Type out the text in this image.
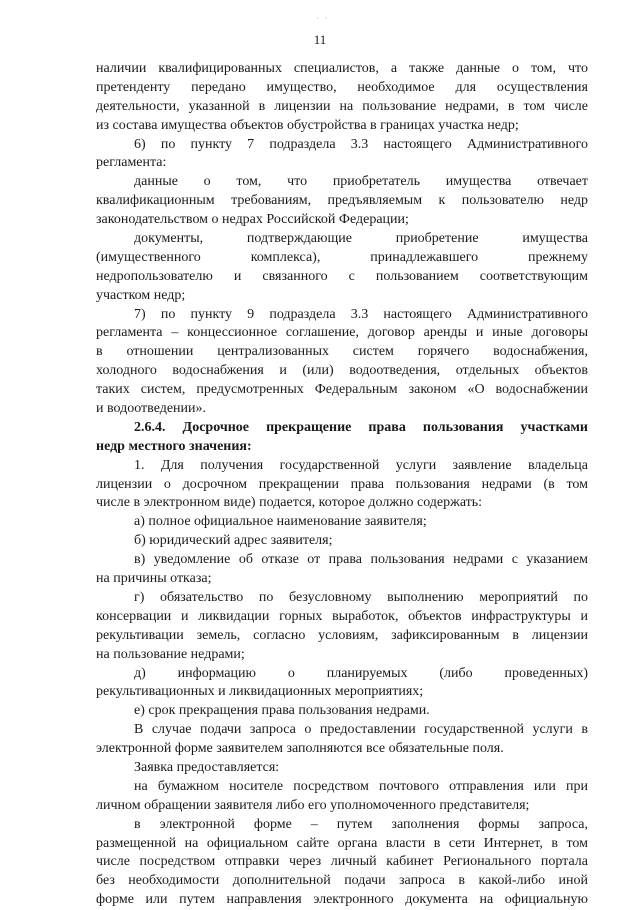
· ·
11
наличии квалифицированных специалистов, а также данные о том, что
претенденту передано имущество, необходимое для осуществления
деятельности, указанной в лицензии на пользование недрами, в том числе
из состава имущества объектов обустройства в границах участка недр;
6) по пункту 7 подраздела 3.3 настоящего Административного
регламента:
данные о том, что приобретатель имущества отвечает
квалификационным требованиям, предъявляемым к пользователю недр
законодательством о недрах Российской Федерации;
документы, подтверждающие приобретение имущества
(имущественного комплекса), принадлежавшего прежнему
недропользователю и связанного с пользованием соответствующим
участком недр;
7) по пункту 9 подраздела 3.3 настоящего Административного
регламента – концессионное соглашение, договор аренды и иные договоры
в отношении централизованных систем горячего водоснабжения,
холодного водоснабжения и (или) водоотведения, отдельных объектов
таких систем, предусмотренных Федеральным законом «О водоснабжении
и водоотведении».
2.6.4. Досрочное прекращение права пользования участками
недр местного значения:
1. Для получения государственной услуги заявление владельца
лицензии о досрочном прекращении права пользования недрами (в том
числе в электронном виде) подается, которое должно содержать:
а) полное официальное наименование заявителя;
б) юридический адрес заявителя;
в) уведомление об отказе от права пользования недрами с указанием
на причины отказа;
г) обязательство по безусловному выполнению мероприятий по
консервации и ликвидации горных выработок, объектов инфраструктуры и
рекультивации земель, согласно условиям, зафиксированным в лицензии
на пользование недрами;
д) информацию о планируемых (либо проведенных)
рекультивационных и ликвидационных мероприятиях;
е) срок прекращения права пользования недрами.
В случае подачи запроса о предоставлении государственной услуги в
электронной форме заявителем заполняются все обязательные поля.
Заявка предоставляется:
на бумажном носителе посредством почтового отправления или при
личном обращении заявителя либо его уполномоченного представителя;
в электронной форме – путем заполнения формы запроса,
размещенной на официальном сайте органа власти в сети Интернет, в том
числе посредством отправки через личный кабинет Регионального портала
без необходимости дополнительной подачи запроса в какой-либо иной
форме или путем направления электронного документа на официальную
